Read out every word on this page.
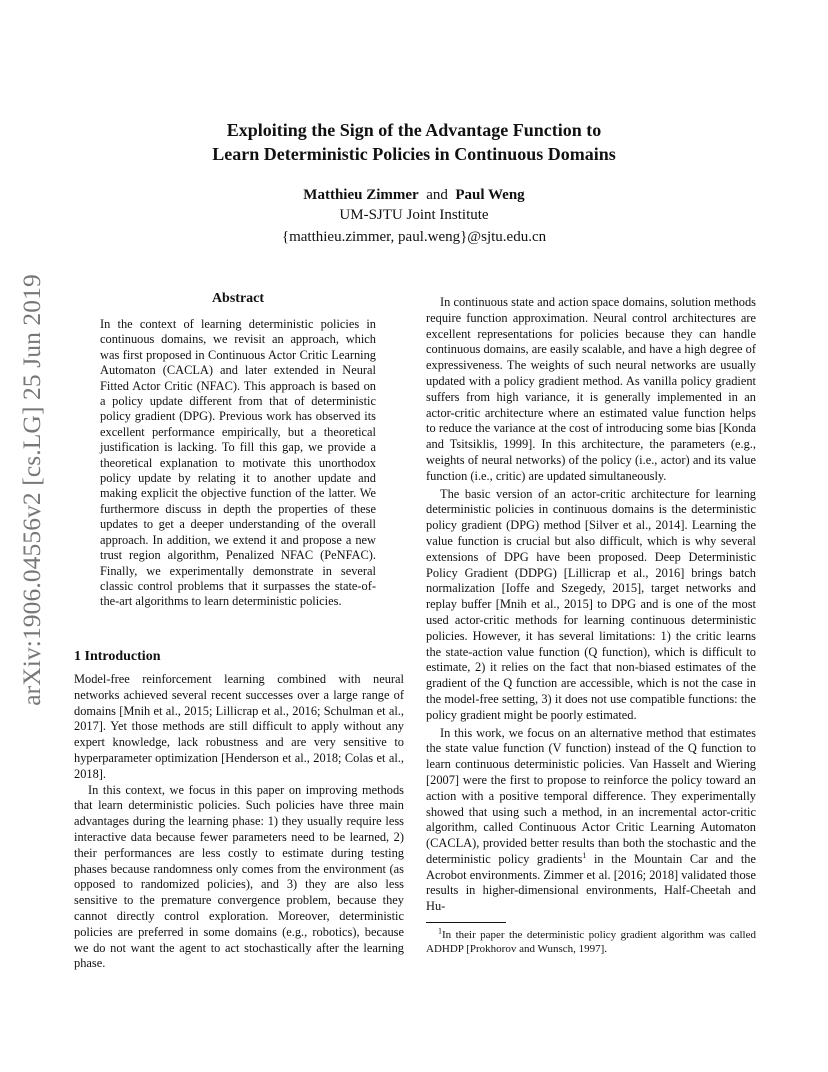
arXiv:1906.04556v2 [cs.LG] 25 Jun 2019
Exploiting the Sign of the Advantage Function to
Learn Deterministic Policies in Continuous Domains
Matthieu Zimmer and Paul Weng
UM-SJTU Joint Institute
{matthieu.zimmer, paul.weng}@sjtu.edu.cn
Abstract
In the context of learning deterministic policies in continuous domains, we revisit an approach, which was first proposed in Continuous Actor Critic Learning Automaton (CACLA) and later extended in Neural Fitted Actor Critic (NFAC). This approach is based on a policy update different from that of deterministic policy gradient (DPG). Previous work has observed its excellent performance empirically, but a theoretical justification is lacking. To fill this gap, we provide a theoretical explanation to motivate this unorthodox policy update by relating it to another update and making explicit the objective function of the latter. We furthermore discuss in depth the properties of these updates to get a deeper understanding of the overall approach. In addition, we extend it and propose a new trust region algorithm, Penalized NFAC (PeNFAC). Finally, we experimentally demonstrate in several classic control problems that it surpasses the state-of-the-art algorithms to learn deterministic policies.
1 Introduction

Model-free reinforcement learning combined with neural networks achieved several recent successes over a large range of domains [Mnih et al., 2015; Lillicrap et al., 2016; Schulman et al., 2017]. Yet those methods are still difficult to apply without any expert knowledge, lack robustness and are very sensitive to hyperparameter optimization [Henderson et al., 2018; Colas et al., 2018].

In this context, we focus in this paper on improving methods that learn deterministic policies. Such policies have three main advantages during the learning phase: 1) they usually require less interactive data because fewer parameters need to be learned, 2) their performances are less costly to estimate during testing phases because randomness only comes from the environment (as opposed to randomized policies), and 3) they are also less sensitive to the premature convergence problem, because they cannot directly control exploration. Moreover, deterministic policies are preferred in some domains (e.g., robotics), because we do not want the agent to act stochastically after the learning phase.

In continuous state and action space domains, solution methods require function approximation. Neural control architectures are excellent representations for policies because they can handle continuous domains, are easily scalable, and have a high degree of expressiveness. The weights of such neural networks are usually updated with a policy gradient method. As vanilla policy gradient suffers from high variance, it is generally implemented in an actor-critic architecture where an estimated value function helps to reduce the variance at the cost of introducing some bias [Konda and Tsitsiklis, 1999]. In this architecture, the parameters (e.g., weights of neural networks) of the policy (i.e., actor) and its value function (i.e., critic) are updated simultaneously.

The basic version of an actor-critic architecture for learning deterministic policies in continuous domains is the deterministic policy gradient (DPG) method [Silver et al., 2014]. Learning the value function is crucial but also difficult, which is why several extensions of DPG have been proposed. Deep Deterministic Policy Gradient (DDPG) [Lillicrap et al., 2016] brings batch normalization [Ioffe and Szegedy, 2015], target networks and replay buffer [Mnih et al., 2015] to DPG and is one of the most used actor-critic methods for learning continuous deterministic policies. However, it has several limitations: 1) the critic learns the state-action value function (Q function), which is difficult to estimate, 2) it relies on the fact that non-biased estimates of the gradient of the Q function are accessible, which is not the case in the model-free setting, 3) it does not use compatible functions: the policy gradient might be poorly estimated.

In this work, we focus on an alternative method that estimates the state value function (V function) instead of the Q function to learn continuous deterministic policies. Van Hasselt and Wiering [2007] were the first to propose to reinforce the policy toward an action with a positive temporal difference. They experimentally showed that using such a method, in an incremental actor-critic algorithm, called Continuous Actor Critic Learning Automaton (CACLA), provided better results than both the stochastic and the deterministic policy gradients$^1$ in the Mountain Car and the Acrobot environments. Zimmer et al. [2016; 2018] validated those results in higher-dimensional environments, Half-Cheetah and Hu-

$^1$In their paper the deterministic policy gradient algorithm was called ADHDP [Prokhorov and Wunsch, 1997].
